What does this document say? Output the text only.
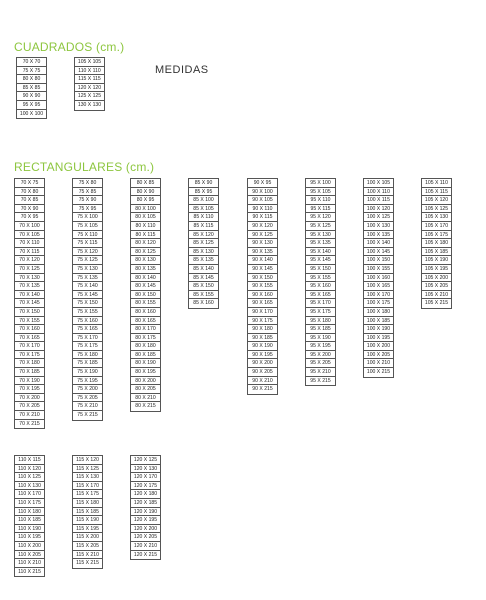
CUADRADOS (cm.)
MEDIDAS
RECTANGULARES (cm.)
70 X 70
75 X 75
80 X 80
85 X 85
90 X 90
95 X 95
100 X 100
105 X 105
110 X 110
115 X 115
120 X 120
125 X 125
130 X 130
70 X 75
70 X 80
70 X 85
70 X 90
70 X 95
70 X 100
70 X 105
70 X 110
70 X 115
70 X 120
70 X 125
70 X 130
70 X 135
70 X 140
70 X 145
70 X 150
70 X 155
70 X 160
70 X 165
70 X 170
70 X 175
70 X 180
70 X 185
70 X 190
70 X 195
70 X 200
70 X 205
70 X 210
70 X 215
75 X 80
75 X 85
75 X 90
75 X 95
75 X 100
75 X 105
75 X 110
75 X 115
75 X 120
75 X 125
75 X 130
75 X 135
75 X 140
75 X 145
75 X 150
75 X 155
75 X 160
75 X 165
75 X 170
75 X 175
75 X 180
75 X 185
75 X 190
75 X 195
75 X 200
75 X 205
75 X 210
75 X 215
80 X 85
80 X 90
80 X 95
80 X 100
80 X 105
80 X 110
80 X 115
80 X 120
80 X 125
80 X 130
80 X 135
80 X 140
80 X 145
80 X 150
80 X 155
80 X 160
80 X 165
80 X 170
80 X 175
80 X 180
80 X 185
80 X 190
80 X 195
80 X 200
80 X 205
80 X 210
80 X 215
85 X 90
85 X 95
85 X 100
85 X 105
85 X 110
85 X 115
85 X 120
85 X 125
85 X 130
85 X 135
85 X 140
85 X 145
85 X 150
85 X 155
85 X 160
90 X 95
90 X 100
90 X 105
90 X 110
90 X 115
90 X 120
90 X 125
90 X 130
90 X 135
90 X 140
90 X 145
90 X 150
90 X 155
90 X 160
90 X 165
90 X 170
90 X 175
90 X 180
90 X 185
90 X 190
90 X 195
90 X 200
90 X 205
90 X 210
90 X 215
95 X 100
95 X 105
95 X 110
95 X 115
95 X 120
95 X 125
95 X 130
95 X 135
95 X 140
95 X 145
95 X 150
95 X 155
95 X 160
95 X 165
95 X 170
95 X 175
95 X 180
95 X 185
95 X 190
95 X 195
95 X 200
95 X 205
95 X 210
95 X 215
100 X 105
100 X 110
100 X 115
100 X 120
100 X 125
100 X 130
100 X 135
100 X 140
100 X 145
100 X 150
100 X 155
100 X 160
100 X 165
100 X 170
100 X 175
100 X 180
100 X 185
100 X 190
100 X 195
100 X 200
100 X 205
100 X 210
100 X 215
105 X 110
105 X 115
105 X 120
105 X 125
105 X 130
105 X 170
105 X 175
105 X 180
105 X 185
105 X 190
105 X 195
105 X 200
105 X 205
105 X 210
105 X 215
110 X 115
110 X 120
110 X 125
110 X 130
110 X 170
110 X 175
110 X 180
110 X 185
110 X 190
110 X 195
110 X 200
110 X 205
110 X 210
110 X 215
115 X 120
115 X 125
115 X 130
115 X 170
115 X 175
115 X 180
115 X 185
115 X 190
115 X 195
115 X 200
115 X 205
115 X 210
115 X 215
120 X 125
120 X 130
120 X 170
120 X 175
120 X 180
120 X 185
120 X 190
120 X 195
120 X 200
120 X 205
120 X 210
120 X 215
